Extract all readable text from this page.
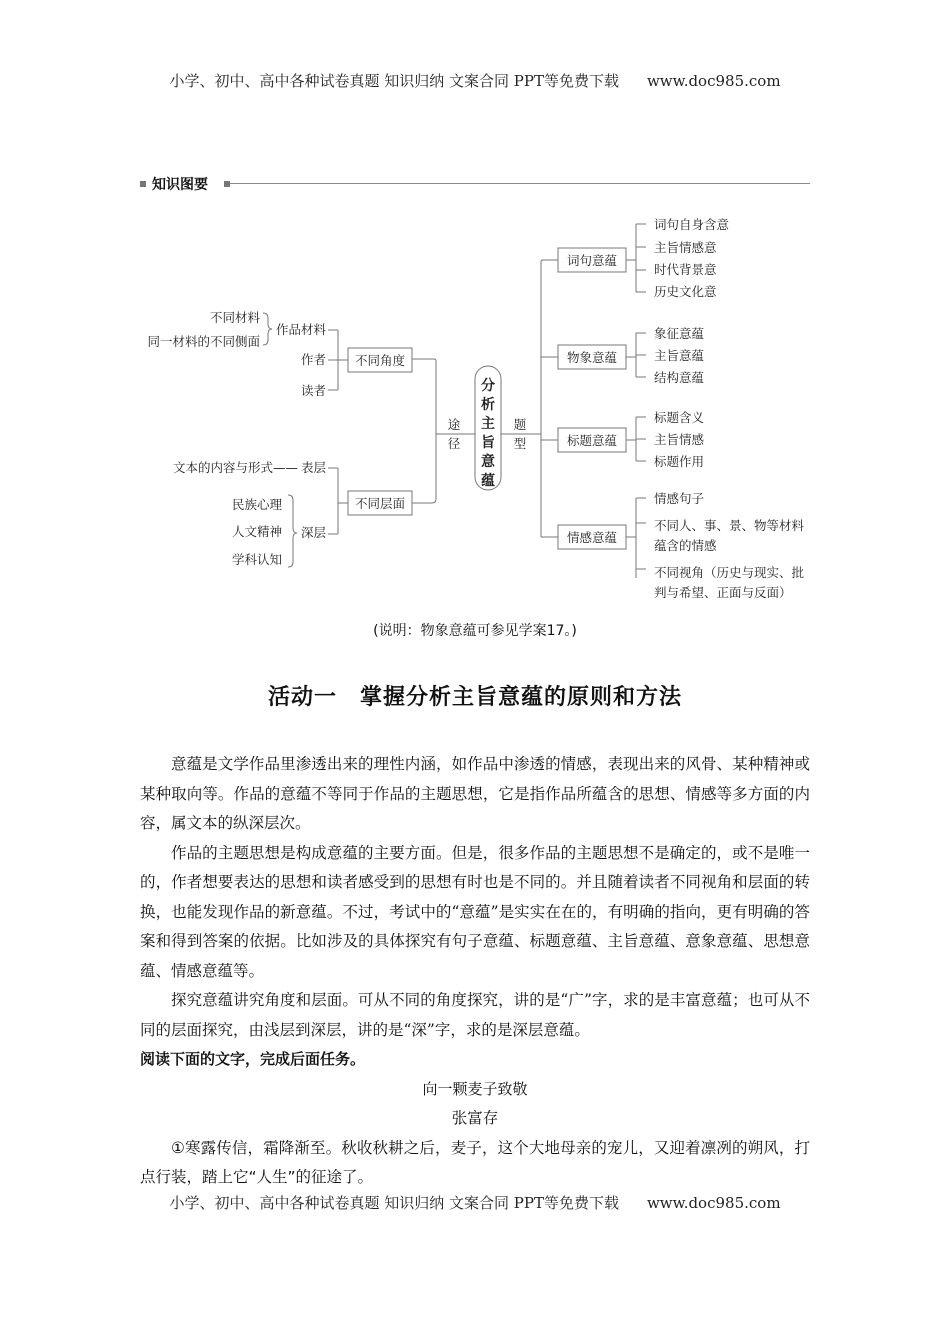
小学、初中、高中各种试卷真题 知识归纳 文案合同 PPT等免费下载 www.doc985.com
知识图要
分
析
主
旨
意
蕴
途
径
题
型
不同角度
不同层面
作品材料
作者
读者
不同材料
同一材料的不同侧面
表层
文本的内容与形式——
深层
民族心理
人文精神
学科认知
词句意蕴
物象意蕴
标题意蕴
情感意蕴
词句自身含意
主旨情感意
时代背景意
历史文化意
象征意蕴
主旨意蕴
结构意蕴
标题含义
主旨情感
标题作用
情感句子
不同人、事、景、物等材料
蕴含的情感
不同视角（历史与现实、批
判与希望、正面与反面）
(说明：物象意蕴可参见学案17。)
活动一　掌握分析主旨意蕴的原则和方法

意蕴是文学作品里渗透出来的理性内涵，如作品中渗透的情感，表现出来的风骨、某种精神或某种取向等。作品的意蕴不等同于作品的主题思想，它是指作品所蕴含的思想、情感等多方面的内容，属文本的纵深层次。

作品的主题思想是构成意蕴的主要方面。但是，很多作品的主题思想不是确定的，或不是唯一的，作者想要表达的思想和读者感受到的思想有时也是不同的。并且随着读者不同视角和层面的转换，也能发现作品的新意蕴。不过，考试中的“意蕴”是实实在在的，有明确的指向，更有明确的答案和得到答案的依据。比如涉及的具体探究有句子意蕴、标题意蕴、主旨意蕴、意象意蕴、思想意蕴、情感意蕴等。

探究意蕴讲究角度和层面。可从不同的角度探究，讲的是“广”字，求的是丰富意蕴；也可从不同的层面探究，由浅层到深层，讲的是“深”字，求的是深层意蕴。

阅读下面的文字，完成后面任务。

向一颗麦子致敬

张富存

①寒露传信，霜降渐至。秋收秋耕之后，麦子，这个大地母亲的宠儿，又迎着凛冽的朔风，打点行装，踏上它“人生”的征途了。

小学、初中、高中各种试卷真题 知识归纳 文案合同 PPT等免费下载 www.doc985.com
